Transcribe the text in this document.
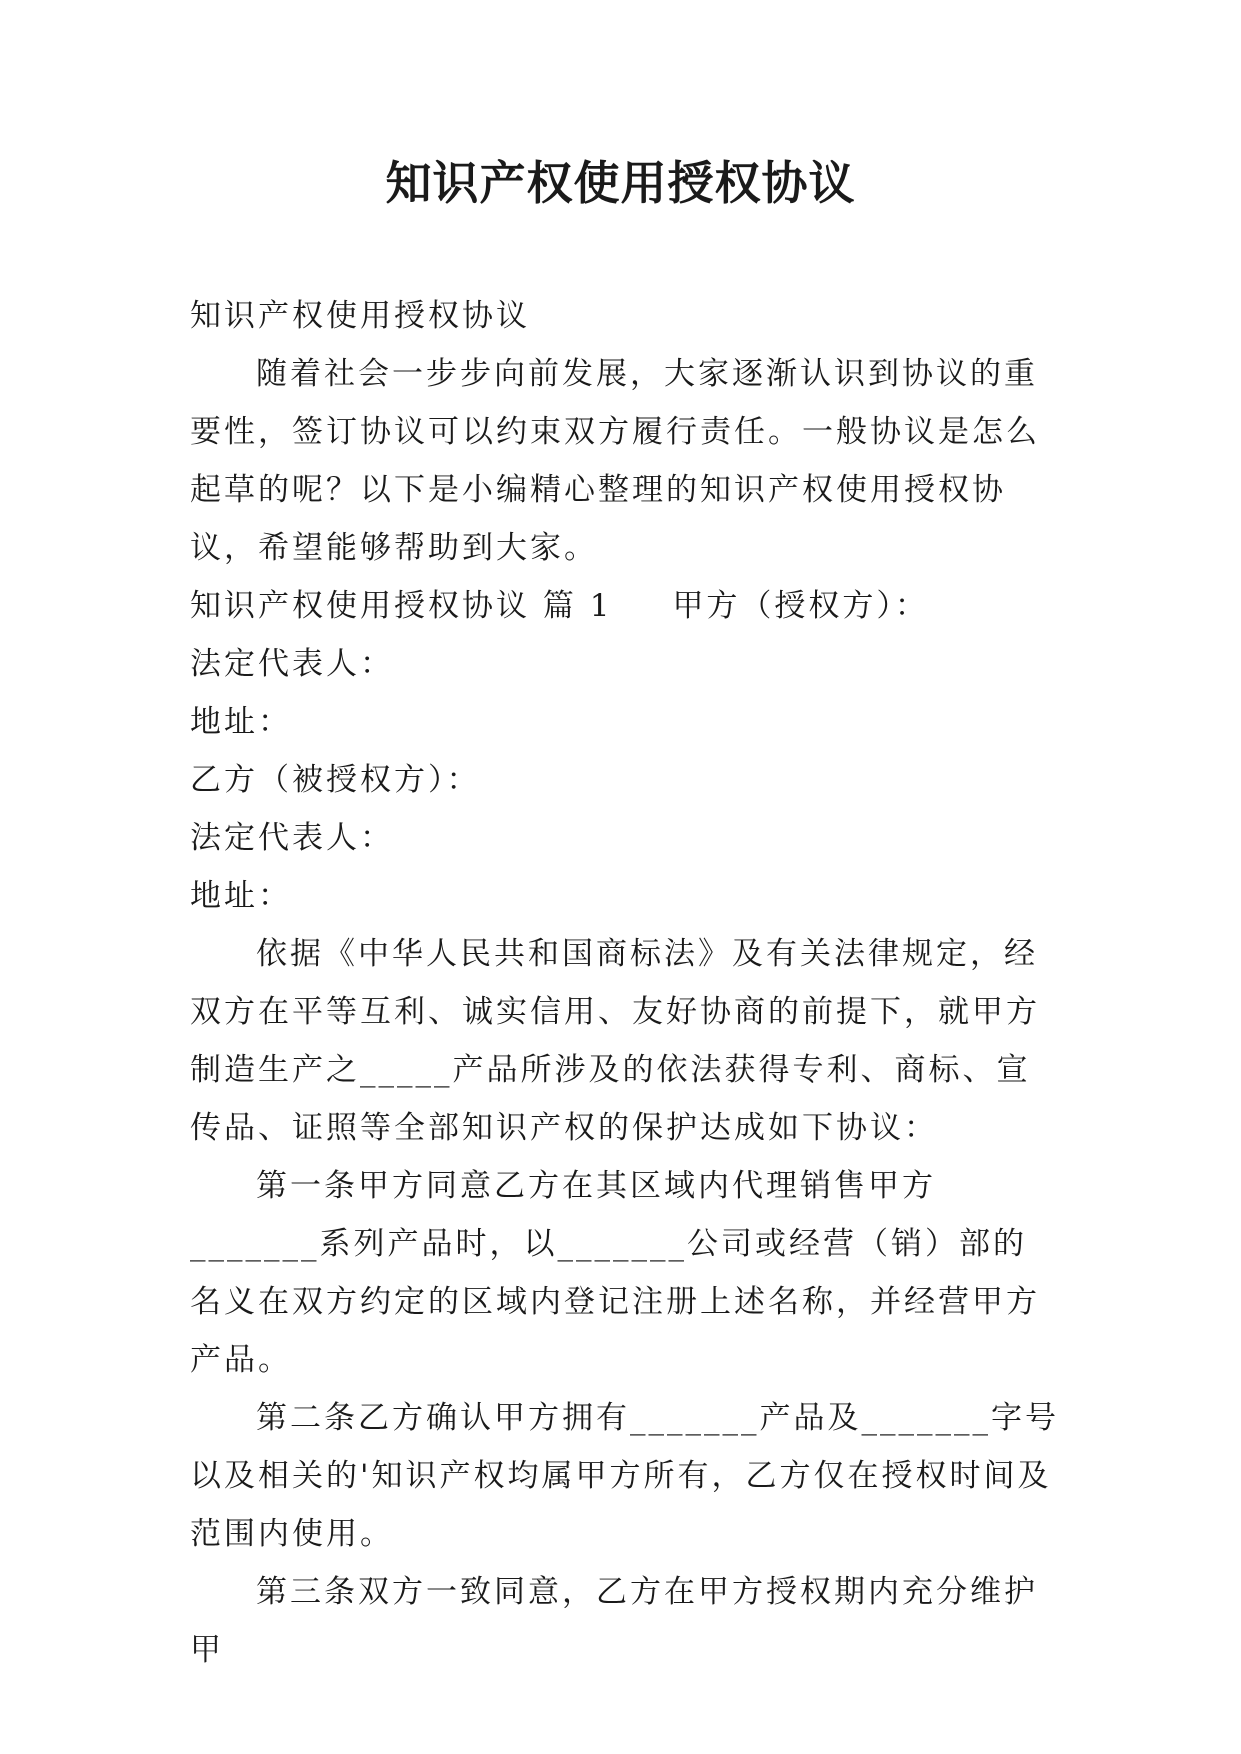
知识产权使用授权协议

知识产权使用授权协议

随着社会一步步向前发展，大家逐渐认识到协议的重要性，签订协议可以约束双方履行责任。一般协议是怎么起草的呢？以下是小编精心整理的知识产权使用授权协议，希望能够帮助到大家。

知识产权使用授权协议 篇 1 甲方（授权方）：

法定代表人：

地址：

乙方（被授权方）：

法定代表人：

地址：

依据《中华人民共和国商标法》及有关法律规定，经双方在平等互利、诚实信用、友好协商的前提下，就甲方制造生产之_____产品所涉及的依法获得专利、商标、宣传品、证照等全部知识产权的保护达成如下协议：

第一条甲方同意乙方在其区域内代理销售甲方_______系列产品时，以_______公司或经营（销）部的名义在双方约定的区域内登记注册上述名称，并经营甲方产品。

第二条乙方确认甲方拥有_______产品及_______字号以及相关的'知识产权均属甲方所有，乙方仅在授权时间及范围内使用。

第三条双方一致同意，乙方在甲方授权期内充分维护甲
